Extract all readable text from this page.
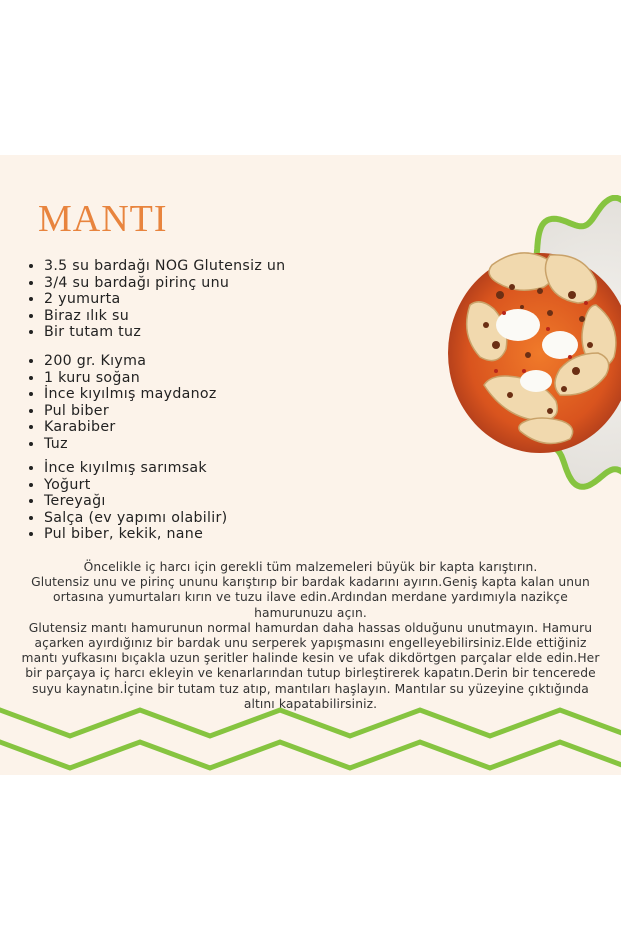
MANTI
• 3.5 su bardağı NOG Glutensiz un
• 3/4 su bardağı pirinç unu
• 2 yumurta
• Biraz ılık su
• Bir tutam tuz
• 200 gr. Kıyma
• 1 kuru soğan
• İnce kıyılmış maydanoz
• Pul biber
• Karabiber
• Tuz
• İnce kıyılmış sarımsak
• Yoğurt
• Tereyağı
• Salça (ev yapımı olabilir)
• Pul biber, kekik, nane
Öncelikle iç harcı için gerekli tüm malzemeleri büyük bir kapta karıştırın.
Glutensiz unu ve pirinç ununu karıştırıp bir bardak kadarını ayırın.Geniş kapta kalan unun
ortasına yumurtaları kırın ve tuzu ilave edin.Ardından merdane yardımıyla nazikçe
hamurunuzu açın.
Glutensiz mantı hamurunun normal hamurdan daha hassas olduğunu unutmayın. Hamuru
açarken ayırdığınız bir bardak unu serperek yapışmasını engelleyebilirsiniz.Elde ettiğiniz
mantı yufkasını bıçakla uzun şeritler halinde kesin ve ufak dikdörtgen parçalar elde edin.Her
bir parçaya iç harcı ekleyin ve kenarlarından tutup birleştirerek kapatın.Derin bir tencerede
suyu kaynatın.İçine bir tutam tuz atıp, mantıları haşlayın. Mantılar su yüzeyine çıktığında
altını kapatabilirsiniz.
